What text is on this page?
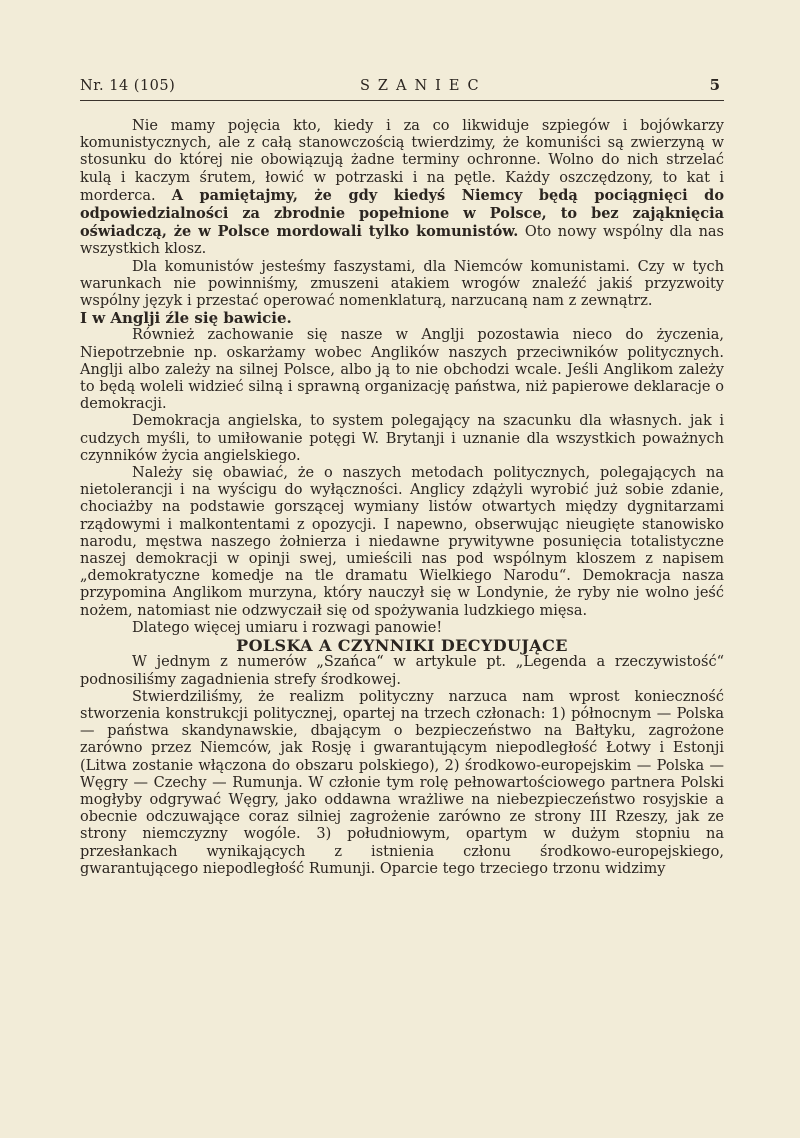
Nr. 14 (105)	SZANIEC	5

Nie mamy pojęcia kto, kiedy i za co likwiduje szpiegów i bojówkarzy komunistycznych, ale z całą stanowczością twierdzimy, że komuniści są zwierzyną w stosunku do której nie obowiązują żadne terminy ochronne. Wolno do nich strzelać kulą i kaczym śrutem, łowić w potrzaski i na pętle. Każdy oszczędzony, to kat i morderca. A pamiętajmy, że gdy kiedyś Niemcy będą pociągnięci do odpowiedzialności za zbrodnie popełnione w Polsce, to bez zająknięcia oświadczą, że w Polsce mordowali tylko komunistów. Oto nowy wspólny dla nas wszystkich klosz.

Dla komunistów jesteśmy faszystami, dla Niemców komunistami. Czy w tych warunkach nie powinniśmy, zmuszeni atakiem wrogów znaleźć jakiś przyzwoity wspólny język i przestać operować nomenklaturą, narzucaną nam z zewnątrz.

I w Anglji źle się bawicie.

Również zachowanie się nasze w Anglji pozostawia nieco do życzenia, Niepotrzebnie np. oskarżamy wobec Anglików naszych przeciwników politycznych. Anglji albo zależy na silnej Polsce, albo ją to nie obchodzi wcale. Jeśli Anglikom zależy to będą woleli widzieć silną i sprawną organizację państwa, niż papierowe deklaracje o demokracji.

Demokracja angielska, to system polegający na szacunku dla własnych. jak i cudzych myśli, to umiłowanie potęgi W. Brytanji i uznanie dla wszystkich poważnych czynników życia angielskiego.

Należy się obawiać, że o naszych metodach politycznych, polegających na nietolerancji i na wyścigu do wyłączności. Anglicy zdążyli wyrobić już sobie zdanie, chociażby na podstawie gorszącej wymiany listów otwartych między dygnitarzami rządowymi i malkontentami z opozycji. I napewno, obserwując nieugięte stanowisko narodu, męstwa naszego żołnierza i niedawne prywitywne posunięcia totalistyczne naszej demokracji w opinji swej, umieścili nas pod wspólnym kloszem z napisem „demokratyczne komedje na tle dramatu Wielkiego Narodu“. Demokracja nasza przypomina Anglikom murzyna, który nauczył się w Londynie, że ryby nie wolno jeść nożem, natomiast nie odzwyczaił się od spożywania ludzkiego mięsa.

Dlatego więcej umiaru i rozwagi panowie!

POLSKA A CZYNNIKI DECYDUJĄCE

W jednym z numerów „Szańca“ w artykule pt. „Legenda a rzeczywistość“ podnosiliśmy zagadnienia strefy środkowej.

Stwierdziliśmy, że realizm polityczny narzuca nam wprost konieczność stworzenia konstrukcji politycznej, opartej na trzech członach: 1) północnym — Polska — państwa skandynawskie, dbającym o bezpieczeństwo na Bałtyku, zagrożone zarówno przez Niemców, jak Rosję i gwarantującym niepodległość Łotwy i Estonji (Litwa zostanie włączona do obszaru polskiego), 2) środkowo-europejskim — Polska — Węgry — Czechy — Rumunja. W członie tym rolę pełnowartościowego partnera Polski mogłyby odgrywać Węgry, jako oddawna wrażliwe na niebezpieczeństwo rosyjskie a obecnie odczuwające coraz silniej zagrożenie zarówno ze strony III Rzeszy, jak ze strony niemczyzny wogóle. 3) południowym, opartym w dużym stopniu na przesłankach wynikających z istnienia członu środkowo-europejskiego, gwarantującego niepodległość Rumunji. Oparcie tego trzeciego trzonu widzimy
